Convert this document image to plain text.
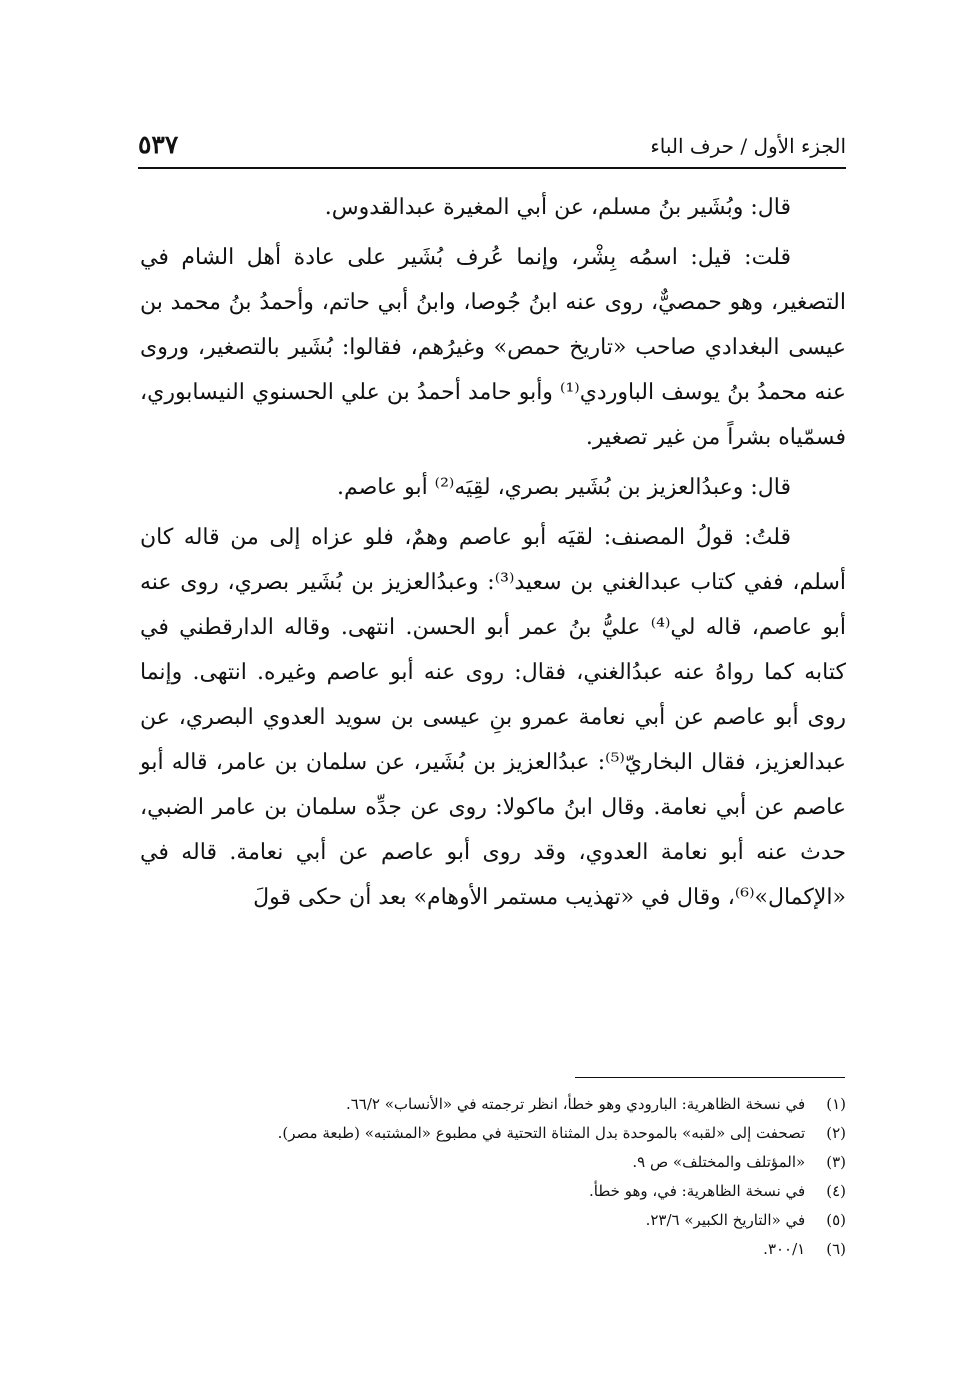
٥٣٧	الجزء الأول / حرف الباء

قال: وبُشَير بنُ مسلم، عن أبي المغيرة عبدالقدوس.

قلت: قيل: اسمُه بِشْر، وإنما عُرف بُشَير على عادة أهل الشام في التصغير، وهو حمصيٌّ، روى عنه ابنُ جُوصا، وابنُ أبي حاتم، وأحمدُ بنُ محمد بن عيسى البغدادي صاحب «تاريخ حمص» وغيرُهم، فقالوا: بُشَير بالتصغير، وروى عنه محمدُ بنُ يوسف الباوردي⁽¹⁾ وأبو حامد أحمدُ بن علي الحسنوي النيسابوري، فسمّياه بشراً من غير تصغير.

قال: وعبدُالعزيز بن بُشَير بصري، لقِيَه⁽²⁾ أبو عاصم.

قلتُ: قولُ المصنف: لقيَه أبو عاصم وهمٌ، فلو عزاه إلى من قاله كان أسلم، ففي كتاب عبدالغني بن سعيد⁽³⁾: وعبدُالعزيز بن بُشَير بصري، روى عنه أبو عاصم، قاله لي⁽⁴⁾ عليُّ بنُ عمر أبو الحسن. انتهى. وقاله الدارقطني في كتابه كما رواهُ عنه عبدُالغني، فقال: روى عنه أبو عاصم وغيره. انتهى. وإنما روى أبو عاصم عن أبي نعامة عمرو بنِ عيسى بن سويد العدوي البصري، عن عبدالعزيز، فقال البخاريّ⁽⁵⁾: عبدُالعزيز بن بُشَير، عن سلمان بن عامر، قاله أبو عاصم عن أبي نعامة. وقال ابنُ ماكولا: روى عن جدِّه سلمان بن عامر الضبي، حدث عنه أبو نعامة العدوي، وقد روى أبو عاصم عن أبي نعامة. قاله في «الإكمال»⁽⁶⁾، وقال في «تهذيب مستمر الأوهام» بعد أن حكى قولَ

(١) في نسخة الظاهرية: البارودي وهو خطأ، انظر ترجمته في «الأنساب» ٦٦/٢.
(٢) تصحفت إلى «لقبه» بالموحدة بدل المثناة التحتية في مطبوع «المشتبه» (طبعة مصر).
(٣) «المؤتلف والمختلف» ص ٩.
(٤) في نسخة الظاهرية: في، وهو خطأ.
(٥) في «التاريخ الكبير» ٢٣/٦.
(٦) ٣٠٠/١.
